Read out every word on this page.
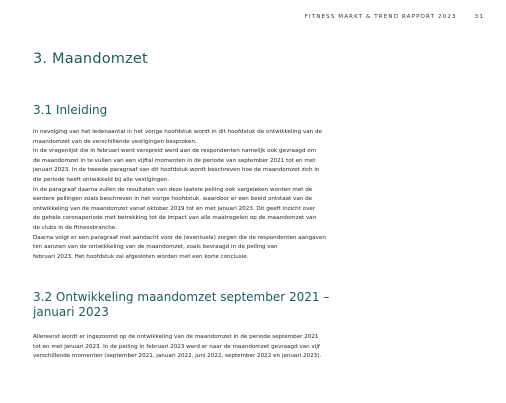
FITNESS MARKT & TREND RAPPORT 2023	31
3. Maandomzet
3.1 Inleiding
In navolging van het ledenaantal in het vorige hoofdstuk wordt in dit hoofdstuk de ontwikkeling van de
maandomzet van de verschillende vestigingen besproken.
In de vragenlijst die in februari werd verspreid werd aan de respondenten namelijk ook gevraagd om
de maandomzet in te vullen van een vijftal momenten in de periode van september 2021 tot en met
januari 2023. In de tweede paragraaf van dit hoofdstuk wordt beschreven hoe de maandomzet zich in
die periode heeft ontwikkeld bij alle vestigingen.
In de paragraaf daarna zullen de resultaten van deze laatste peiling ook vergeleken worden met de
eerdere peilingen zoals beschreven in het vorige hoofdstuk, waardoor er een beeld ontstaat van de
ontwikkeling van de maandomzet vanaf oktober 2019 tot en met januari 2023. Dit geeft inzicht over
de gehele coronaperiode met betrekking tot de impact van alle maatregelen op de maandomzet van
de clubs in de fitnessbranche.
Daarna volgt er een paragraaf met aandacht voor de (eventuele) zorgen die de respondenten aangaven
ten aanzien van de ontwikkeling van de maandomzet, zoals bevraagd in de peiling van
februari 2023. Het hoofdstuk zal afgesloten worden met een korte conclusie.
3.2 Ontwikkeling maandomzet september 2021 – januari 2023
Allereerst wordt er ingezoomd op de ontwikkeling van de maandomzet in de periode september 2021
tot en met januari 2023. In de peiling in februari 2023 werd er naar de maandomzet gevraagd van vijf
verschillende momenten (september 2021, januari 2022, juni 2022, september 2022 en januari 2023).
